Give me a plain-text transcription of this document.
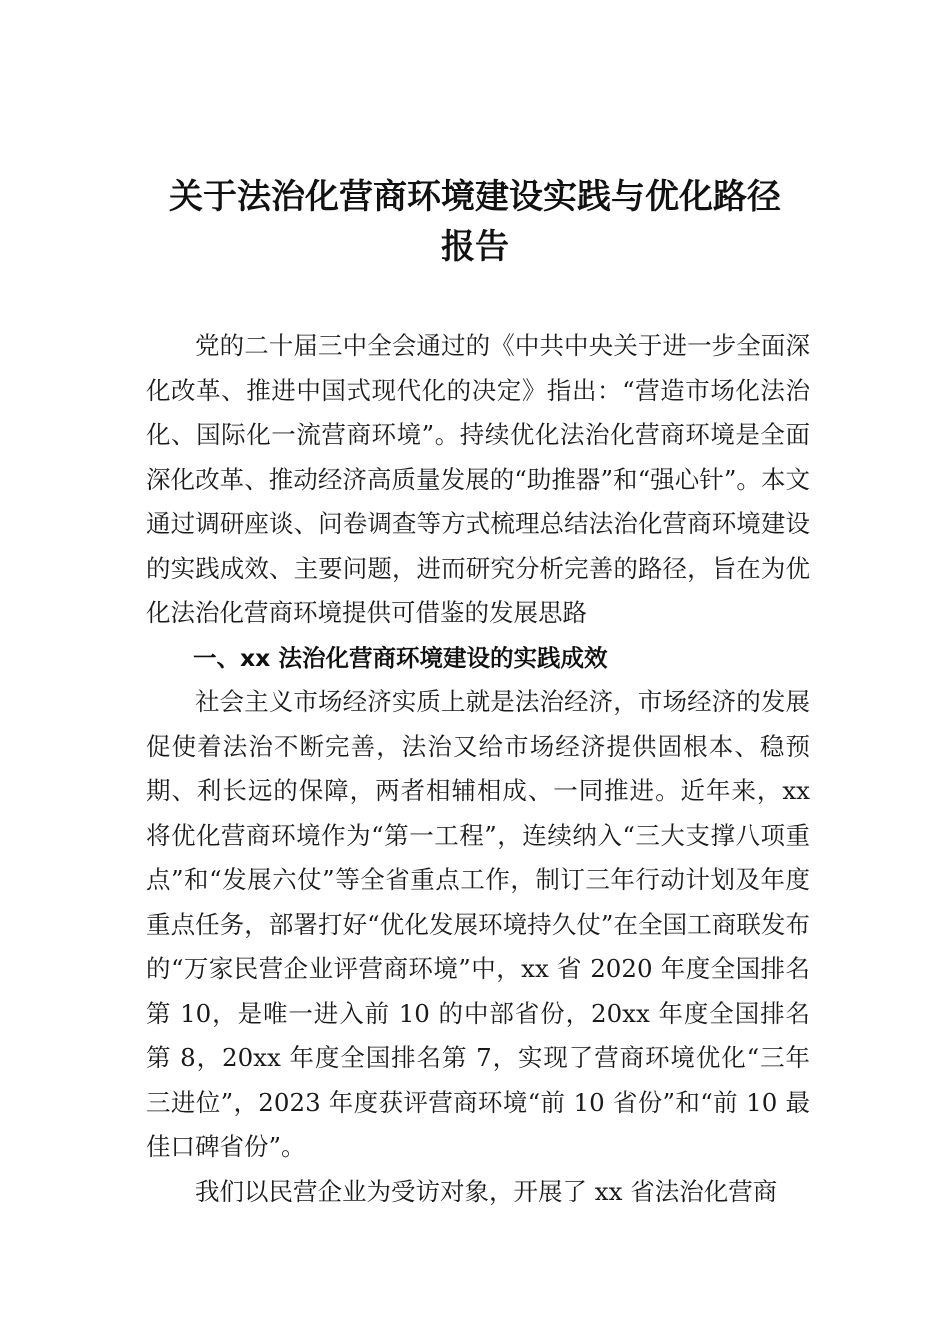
关于法治化营商环境建设实践与优化路径
报告

党的二十届三中全会通过的《中共中央关于进一步全面深化改革、推进中国式现代化的决定》指出：“营造市场化法治化、国际化一流营商环境”。持续优化法治化营商环境是全面深化改革、推动经济高质量发展的“助推器”和“强心针”。本文通过调研座谈、问卷调查等方式梳理总结法治化营商环境建设的实践成效、主要问题，进而研究分析完善的路径，旨在为优化法治化营商环境提供可借鉴的发展思路

一、xx 法治化营商环境建设的实践成效

社会主义市场经济实质上就是法治经济，市场经济的发展促使着法治不断完善，法治又给市场经济提供固根本、稳预期、利长远的保障，两者相辅相成、一同推进。近年来，xx 将优化营商环境作为“第一工程”，连续纳入“三大支撑八项重点”和“发展六仗”等全省重点工作，制订三年行动计划及年度重点任务，部署打好“优化发展环境持久仗”在全国工商联发布的“万家民营企业评营商环境”中，xx 省 2020 年度全国排名第 10，是唯一进入前 10 的中部省份，20xx 年度全国排名第 8，20xx 年度全国排名第 7，实现了营商环境优化“三年三进位”，2023 年度获评营商环境“前 10 省份”和“前 10 最佳口碑省份”。

我们以民营企业为受访对象，开展了 xx 省法治化营商
